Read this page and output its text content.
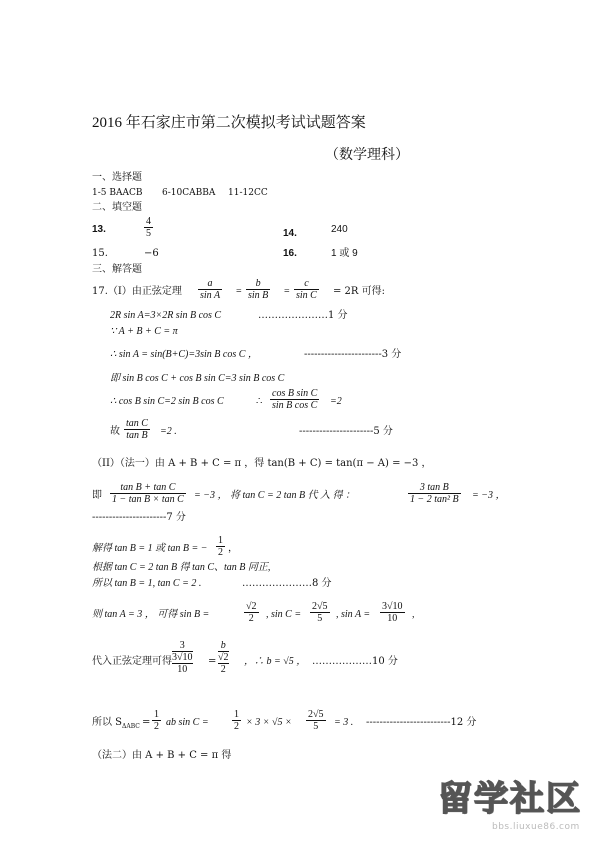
2016 年石家庄市第二次模拟考试试题答案
（数学理科）
一、选择题
1-5 BAACB 6-10CABBA 11-12CC
二、填空题
13.	$\frac{4}{5}$	14.	240
15.	−6	16.	1 或 9
三、解答题
17.（I）由正弦定理 $\frac{a}{\text{sin A}} = \frac{b}{\text{sin B}} = \frac{c}{\text{sin C}} = 2R$ 可得:
2R sin A=3×2R sin B cos C	…………………1 分
∵ A + B + C = π
∴ sin A = sin(B+C)=3sin B cos C ，	-----------------------3 分
即 sin B cos C + cos B sin C=3 sin B cos C
∴ cos B sin C=2 sin B cos C	∴ $\frac{\text{cos B sin C}}{\text{sin B cos C}} =2$
故 $\frac{\text{tan C}}{\text{tan B}} =2$ .	----------------------5 分
（II）（法一）由 A + B + C = π ，得 tan(B + C) = tan(π − A) = −3 ，
即 $\frac{\text{tan B + tan C}}{\text{1 − tan B × tan C}} = -3$ ， 将 tan C = 2 tan B 代 入 得 ：	$\frac{\text{3 tan B}}{\text{1 − 2 tan² B}} = -3$ ，
----------------------7 分
解得 tan B = 1 或 tan B = − $\frac{1}{2}$ ，
根据 tan C = 2 tan B 得 tan C、tan B 同正,
所以 tan B = 1, tan C = 2 .	…………………8 分
则 tan A = 3 ， 可得 sin B =	$\frac{√2}{2}$ , $\sin C = \frac{2√5}{5}$ , $\sin A = \frac{3√10}{10}$ ,
代入正弦定理可得 3
3√10
10 = b
√2
2 ，∴ b = √5 ， ………………10 分
所以 $S_{\Delta ABC} = \frac{1}{2}$ ab $\sin C = \frac{1}{2} \times 3 \times √5 \times \frac{2√5}{5} = 3$ . -------------------------12 分
（法二）由 A + B + C = π 得
留学社区
bbs.liuxue86.com
